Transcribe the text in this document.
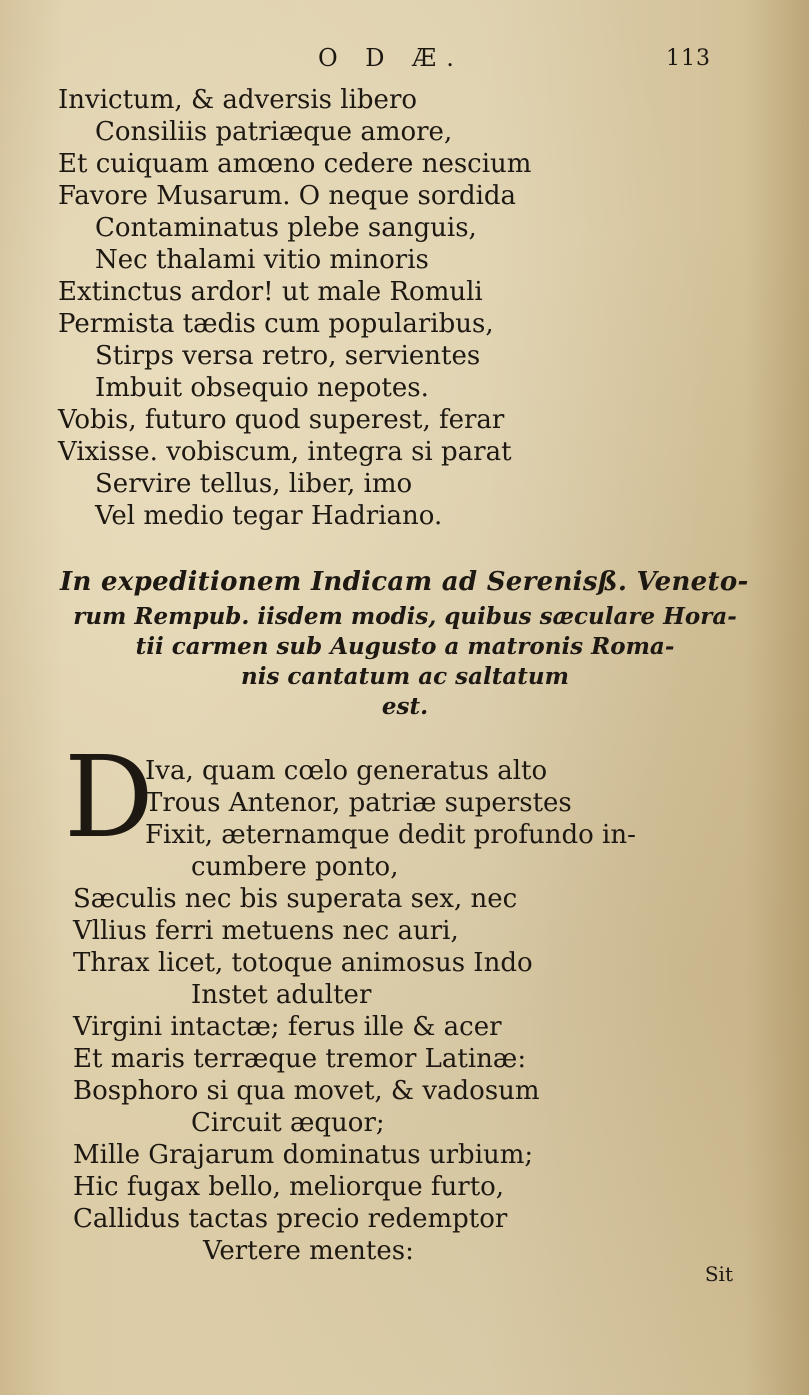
O D Æ.	113
Invictum, & adversis libero
Consiliis patriæque amore,
Et cuiquam amœno cedere nescium
Favore Musarum. O neque sordida
Contaminatus plebe sanguis,
Nec thalami vitio minoris
Extinctus ardor! ut male Romuli
Permista tædis cum popularibus,
Stirps versa retro, servientes
Imbuit obsequio nepotes.
Vobis, futuro quod superest, ferar
Vixisse. vobiscum, integra si parat
Servire tellus, liber, imo
Vel medio tegar Hadriano.
In expeditionem Indicam ad Serenisß. Veneto-
rum Rempub. iisdem modis, quibus sæculare Hora-
tii carmen sub Augusto a matronis Roma-
nis cantatum ac saltatum
est.
D
Iva, quam cœlo generatus alto
Trous Antenor, patriæ superstes
Fixit, æternamque dedit profundo in-
cumbere ponto,
Sæculis nec bis superata sex, nec
Vllius ferri metuens nec auri,
Thrax licet, totoque animosus Indo
Instet adulter
Virgini intactæ; ferus ille & acer
Et maris terræque tremor Latinæ:
Bosphoro si qua movet, & vadosum
Circuit æquor;
Mille Grajarum dominatus urbium;
Hic fugax bello, meliorque furto,
Callidus tactas precio redemptor
Vertere mentes:
Sit
